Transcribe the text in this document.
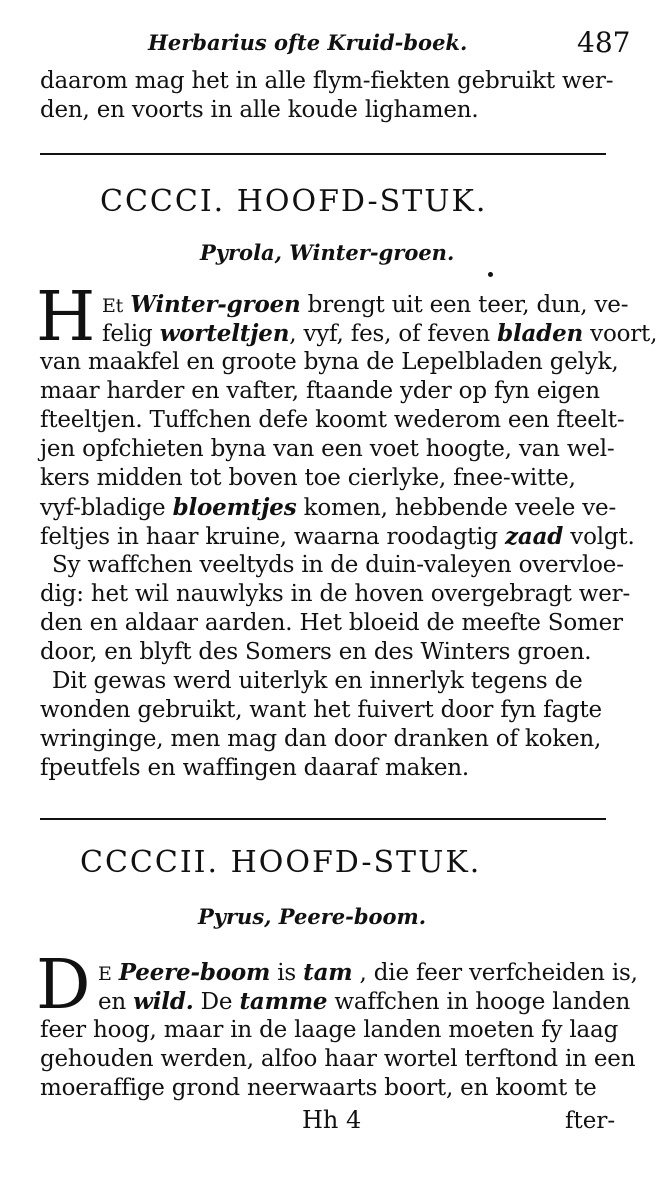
Herbarius ofte Kruid-boek.	487
daarom mag het in alle flym-fiekten gebruikt wer-
den, en voorts in alle koude lighamen.
CCCCI. HOOFD-STUK.
Pyrola, Winter-groen.
H Et Winter-groen brengt uit een teer, dun, ve-
felig worteltjen, vyf, fes, of feven bladen voort,
van maakfel en groote byna de Lepelbladen gelyk,
maar harder en vafter, ftaande yder op fyn eigen
fteeltjen. Tuffchen defe koomt wederom een fteelt-
jen opfchieten byna van een voet hoogte, van wel-
kers midden tot boven toe cierlyke, fnee-witte,
vyf-bladige bloemtjes komen, hebbende veele ve-
feltjes in haar kruine, waarna roodagtig zaad volgt.
Sy waffchen veeltyds in de duin-valeyen overvloe-
dig: het wil nauwlyks in de hoven overgebragt wer-
den en aldaar aarden. Het bloeid de meefte Somer
door, en blyft des Somers en des Winters groen.
Dit gewas werd uiterlyk en innerlyk tegens de
wonden gebruikt, want het fuivert door fyn fagte
wringinge, men mag dan door dranken of koken,
fpeutfels en waffingen daaraf maken.
CCCCII. HOOFD-STUK.
Pyrus, Peere-boom.
D E Peere-boom is tam , die feer verfcheiden is,
en wild. De tamme waffchen in hooge landen
feer hoog, maar in de laage landen moeten fy laag
gehouden werden, alfoo haar wortel terftond in een
moeraffige grond neerwaarts boort, en koomt te
Hh 4	fter-
